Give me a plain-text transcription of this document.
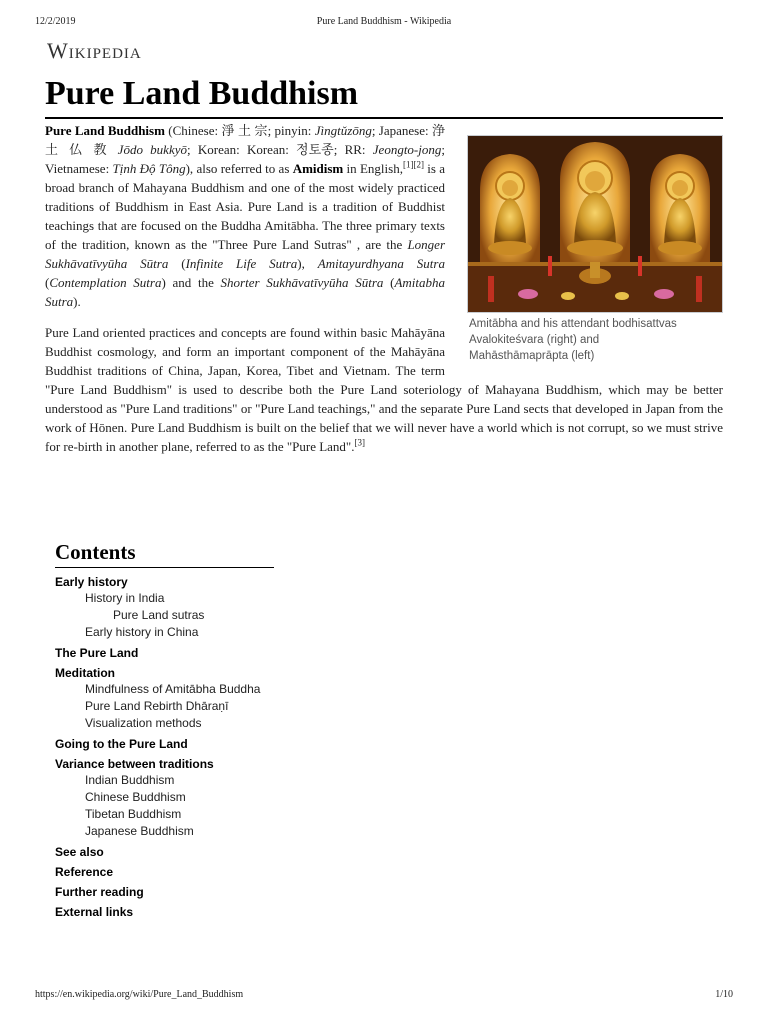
12/2/2019	Pure Land Buddhism - Wikipedia
Wikipedia
Pure Land Buddhism
Amitābha and his attendant bodhisattvas
Avalokiteśvara (right) and
Mahāsthāmaprāpta (left)

Pure Land Buddhism (Chinese: 淨 土 宗; pinyin: Jìngtǔzōng; Japanese: 浄 土 仏 教 Jōdo bukkyō; Korean: Korean: 정토종; RR: Jeongto-jong; Vietnamese: Tịnh Độ Tông), also referred to as Amidism in English,[1][2] is a broad branch of Mahayana Buddhism and one of the most widely practiced traditions of Buddhism in East Asia. Pure Land is a tradition of Buddhist teachings that are focused on the Buddha Amitābha. The three primary texts of the tradition, known as the "Three Pure Land Sutras" , are the Longer Sukhāvatīvyūha Sūtra (Infinite Life Sutra), Amitayurdhyana Sutra (Contemplation Sutra) and the Shorter Sukhāvatīvyūha Sūtra (Amitabha Sutra).

Pure Land oriented practices and concepts are found within basic Mahāyāna Buddhist cosmology, and form an important component of the Mahāyāna Buddhist traditions of China, Japan, Korea, Tibet and Vietnam. The term "Pure Land Buddhism" is used to describe both the Pure Land soteriology of Mahayana Buddhism, which may be better understood as "Pure Land traditions" or "Pure Land teachings," and the separate Pure Land sects that developed in Japan from the work of Hōnen. Pure Land Buddhism is built on the belief that we will never have a world which is not corrupt, so we must strive for re-birth in another plane, referred to as the "Pure Land".[3]

Contents
Early history
History in India
Pure Land sutras
Early history in China
The Pure Land
Meditation
Mindfulness of Amitābha Buddha
Pure Land Rebirth Dhāraṇī
Visualization methods
Going to the Pure Land
Variance between traditions
Indian Buddhism
Chinese Buddhism
Tibetan Buddhism
Japanese Buddhism
See also
Reference
Further reading
External links
https://en.wikipedia.org/wiki/Pure_Land_Buddhism	1/10
